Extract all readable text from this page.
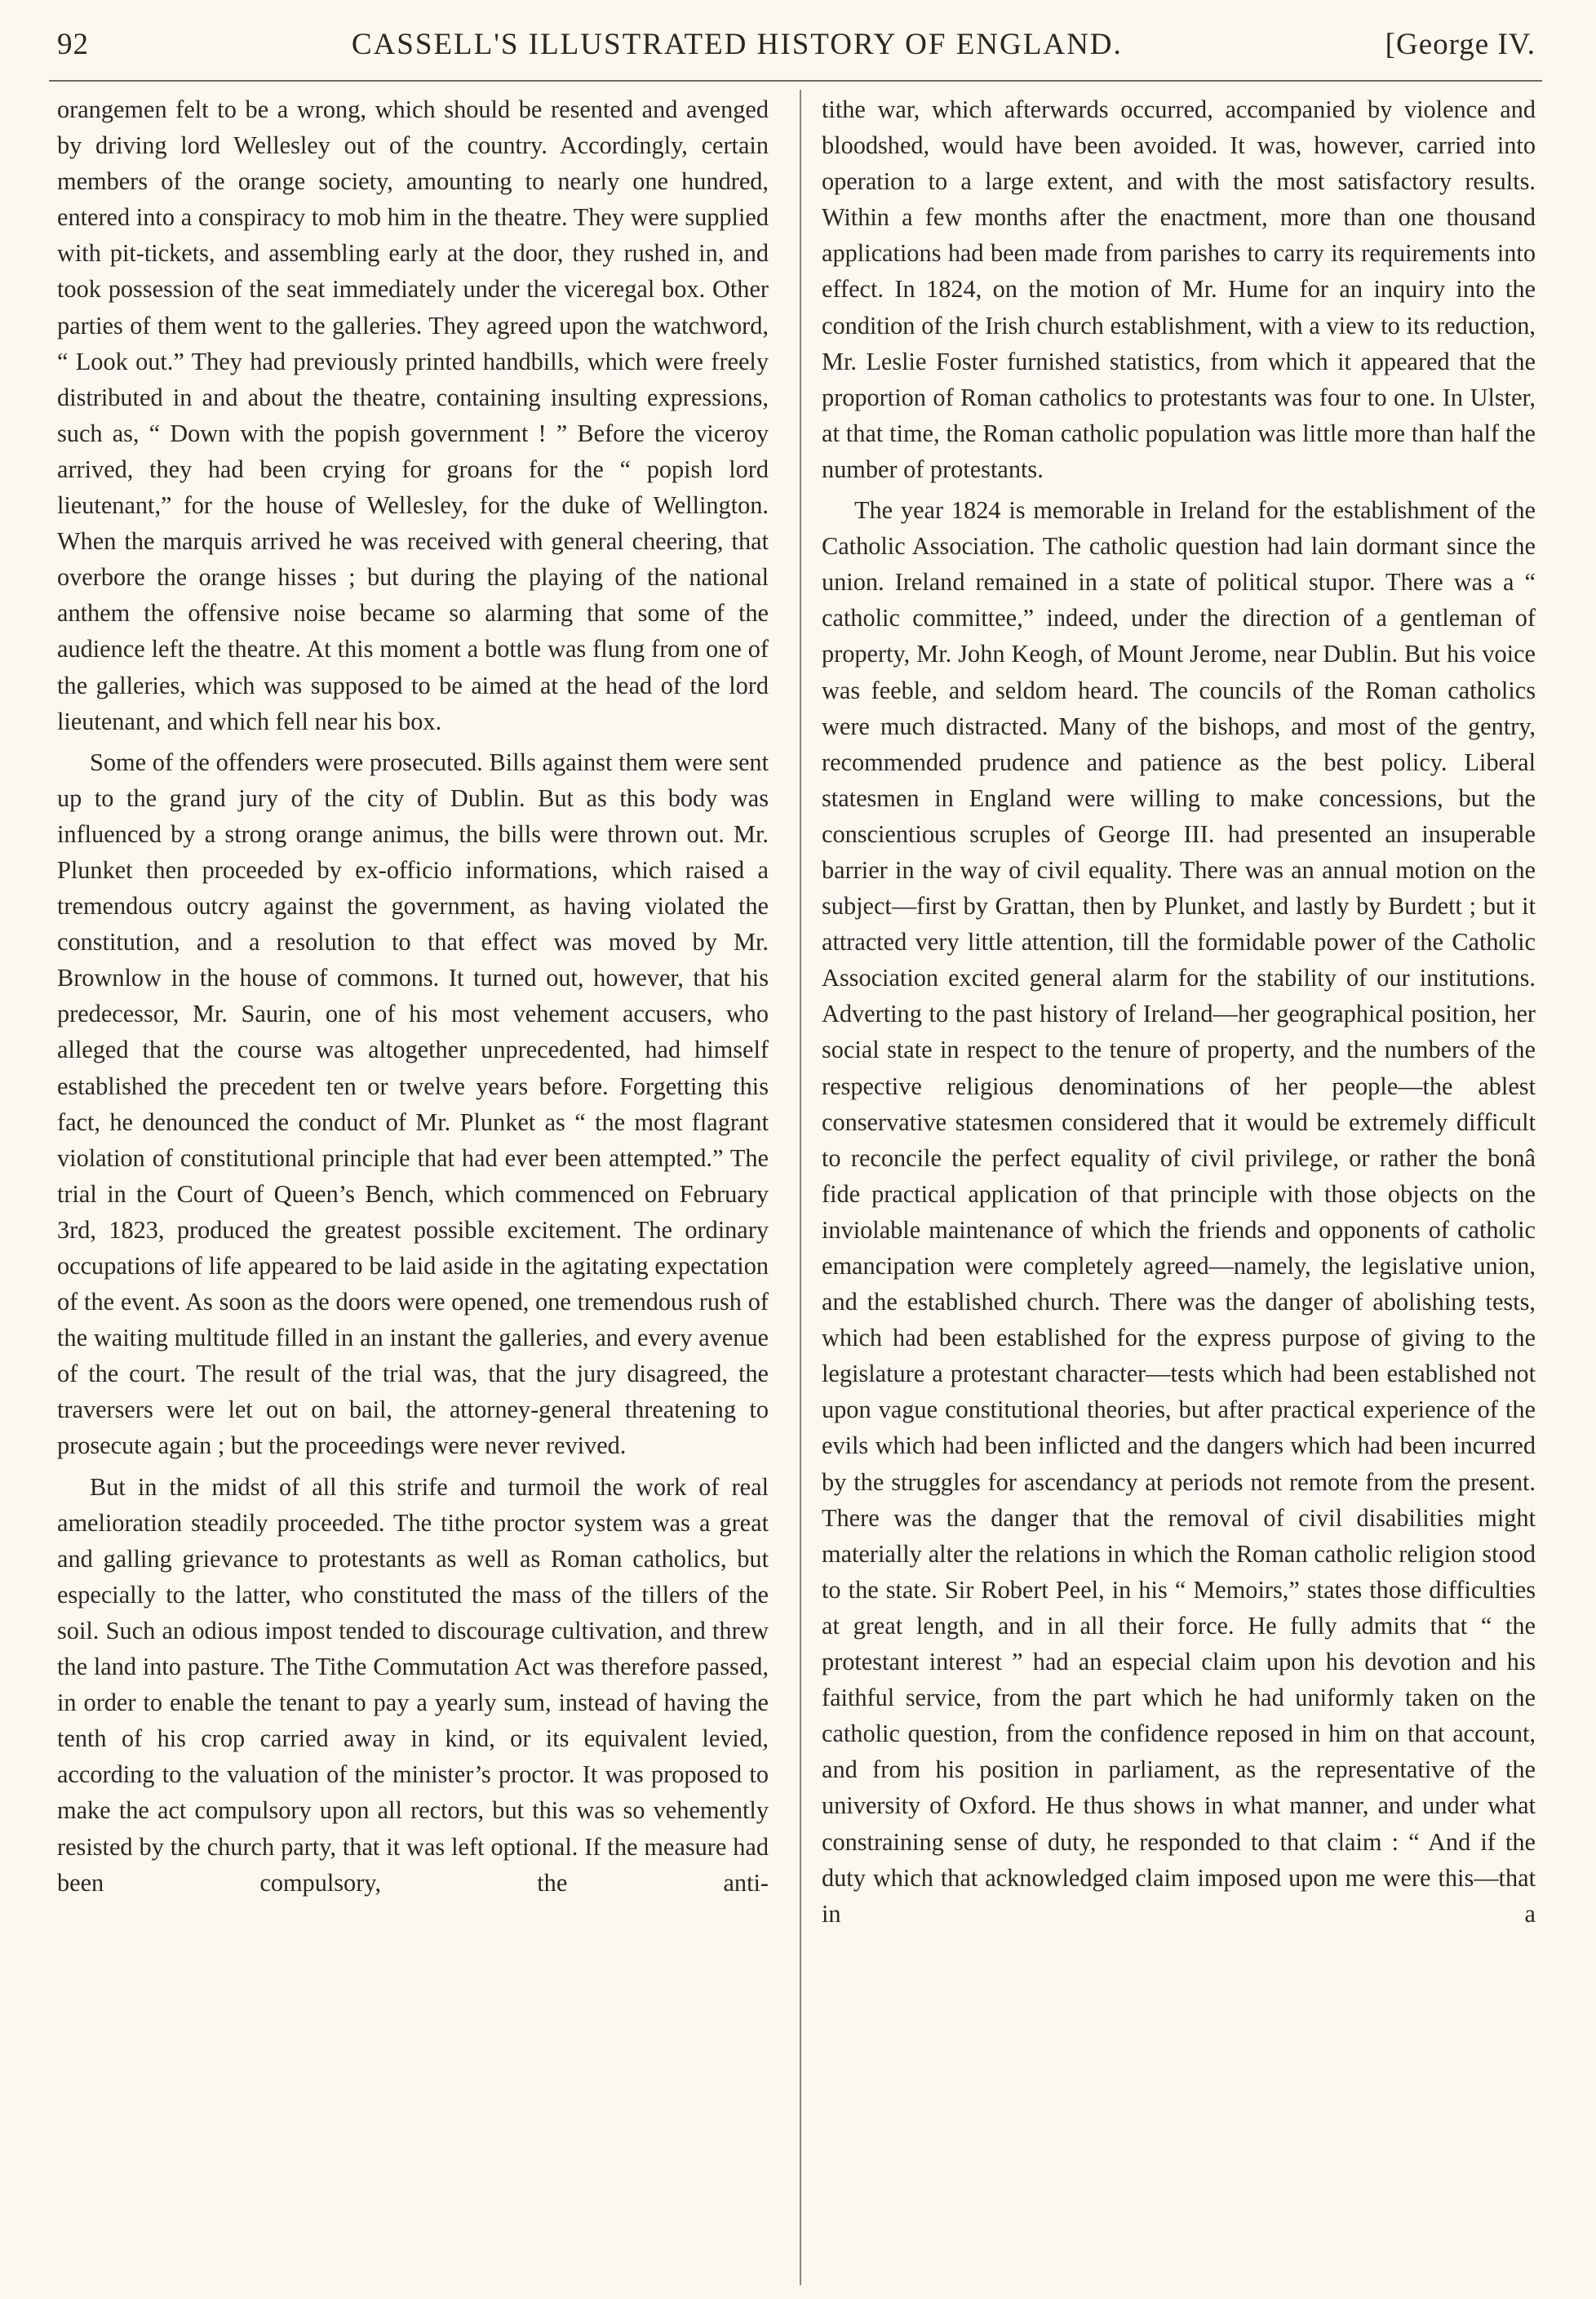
92	CASSELL'S ILLUSTRATED HISTORY OF ENGLAND.	[George IV.

orangemen felt to be a wrong, which should be resented and avenged by driving lord Wellesley out of the country. Accordingly, certain members of the orange society, amounting to nearly one hundred, entered into a conspiracy to mob him in the theatre. They were supplied with pit-tickets, and assembling early at the door, they rushed in, and took possession of the seat immediately under the viceregal box. Other parties of them went to the galleries. They agreed upon the watchword, “ Look out.” They had previously printed handbills, which were freely distributed in and about the theatre, containing insulting expressions, such as, “ Down with the popish government ! ” Before the viceroy arrived, they had been crying for groans for the “ popish lord lieutenant,” for the house of Wellesley, for the duke of Wellington. When the marquis arrived he was received with general cheering, that overbore the orange hisses ; but during the playing of the national anthem the offensive noise became so alarming that some of the audience left the theatre. At this moment a bottle was flung from one of the galleries, which was supposed to be aimed at the head of the lord lieutenant, and which fell near his box.

Some of the offenders were prosecuted. Bills against them were sent up to the grand jury of the city of Dublin. But as this body was influenced by a strong orange animus, the bills were thrown out. Mr. Plunket then proceeded by ex-officio informations, which raised a tremendous outcry against the government, as having violated the constitution, and a resolution to that effect was moved by Mr. Brownlow in the house of commons. It turned out, however, that his predecessor, Mr. Saurin, one of his most vehement accusers, who alleged that the course was altogether unprecedented, had himself established the precedent ten or twelve years before. Forgetting this fact, he denounced the conduct of Mr. Plunket as “ the most flagrant violation of constitutional principle that had ever been attempted.” The trial in the Court of Queen’s Bench, which commenced on February 3rd, 1823, produced the greatest possible excitement. The ordinary occupations of life appeared to be laid aside in the agitating expectation of the event. As soon as the doors were opened, one tremendous rush of the waiting multitude filled in an instant the galleries, and every avenue of the court. The result of the trial was, that the jury disagreed, the traversers were let out on bail, the attorney-general threatening to prosecute again ; but the proceedings were never revived.

But in the midst of all this strife and turmoil the work of real amelioration steadily proceeded. The tithe proctor system was a great and galling grievance to protestants as well as Roman catholics, but especially to the latter, who constituted the mass of the tillers of the soil. Such an odious impost tended to discourage cultivation, and threw the land into pasture. The Tithe Commutation Act was therefore passed, in order to enable the tenant to pay a yearly sum, instead of having the tenth of his crop carried away in kind, or its equivalent levied, according to the valuation of the minister’s proctor. It was proposed to make the act compulsory upon all rectors, but this was so vehemently resisted by the church party, that it was left optional. If the measure had been compulsory, the anti-

tithe war, which afterwards occurred, accompanied by violence and bloodshed, would have been avoided. It was, however, carried into operation to a large extent, and with the most satisfactory results. Within a few months after the enactment, more than one thousand applications had been made from parishes to carry its requirements into effect. In 1824, on the motion of Mr. Hume for an inquiry into the condition of the Irish church establishment, with a view to its reduction, Mr. Leslie Foster furnished statistics, from which it appeared that the proportion of Roman catholics to protestants was four to one. In Ulster, at that time, the Roman catholic population was little more than half the number of protestants.

The year 1824 is memorable in Ireland for the establishment of the Catholic Association. The catholic question had lain dormant since the union. Ireland remained in a state of political stupor. There was a “ catholic committee,” indeed, under the direction of a gentleman of property, Mr. John Keogh, of Mount Jerome, near Dublin. But his voice was feeble, and seldom heard. The councils of the Roman catholics were much distracted. Many of the bishops, and most of the gentry, recommended prudence and patience as the best policy. Liberal statesmen in England were willing to make concessions, but the conscientious scruples of George III. had presented an insuperable barrier in the way of civil equality. There was an annual motion on the subject—first by Grattan, then by Plunket, and lastly by Burdett ; but it attracted very little attention, till the formidable power of the Catholic Association excited general alarm for the stability of our institutions. Adverting to the past history of Ireland—her geographical position, her social state in respect to the tenure of property, and the numbers of the respective religious denominations of her people—the ablest conservative statesmen considered that it would be extremely difficult to reconcile the perfect equality of civil privilege, or rather the bonâ fide practical application of that principle with those objects on the inviolable maintenance of which the friends and opponents of catholic emancipation were completely agreed—namely, the legislative union, and the established church. There was the danger of abolishing tests, which had been established for the express purpose of giving to the legislature a protestant character—tests which had been established not upon vague constitutional theories, but after practical experience of the evils which had been inflicted and the dangers which had been incurred by the struggles for ascendancy at periods not remote from the present. There was the danger that the removal of civil disabilities might materially alter the relations in which the Roman catholic religion stood to the state. Sir Robert Peel, in his “ Memoirs,” states those difficulties at great length, and in all their force. He fully admits that “ the protestant interest ” had an especial claim upon his devotion and his faithful service, from the part which he had uniformly taken on the catholic question, from the confidence reposed in him on that account, and from his position in parliament, as the representative of the university of Oxford. He thus shows in what manner, and under what constraining sense of duty, he responded to that claim : “ And if the duty which that acknowledged claim imposed upon me were this—that in a
